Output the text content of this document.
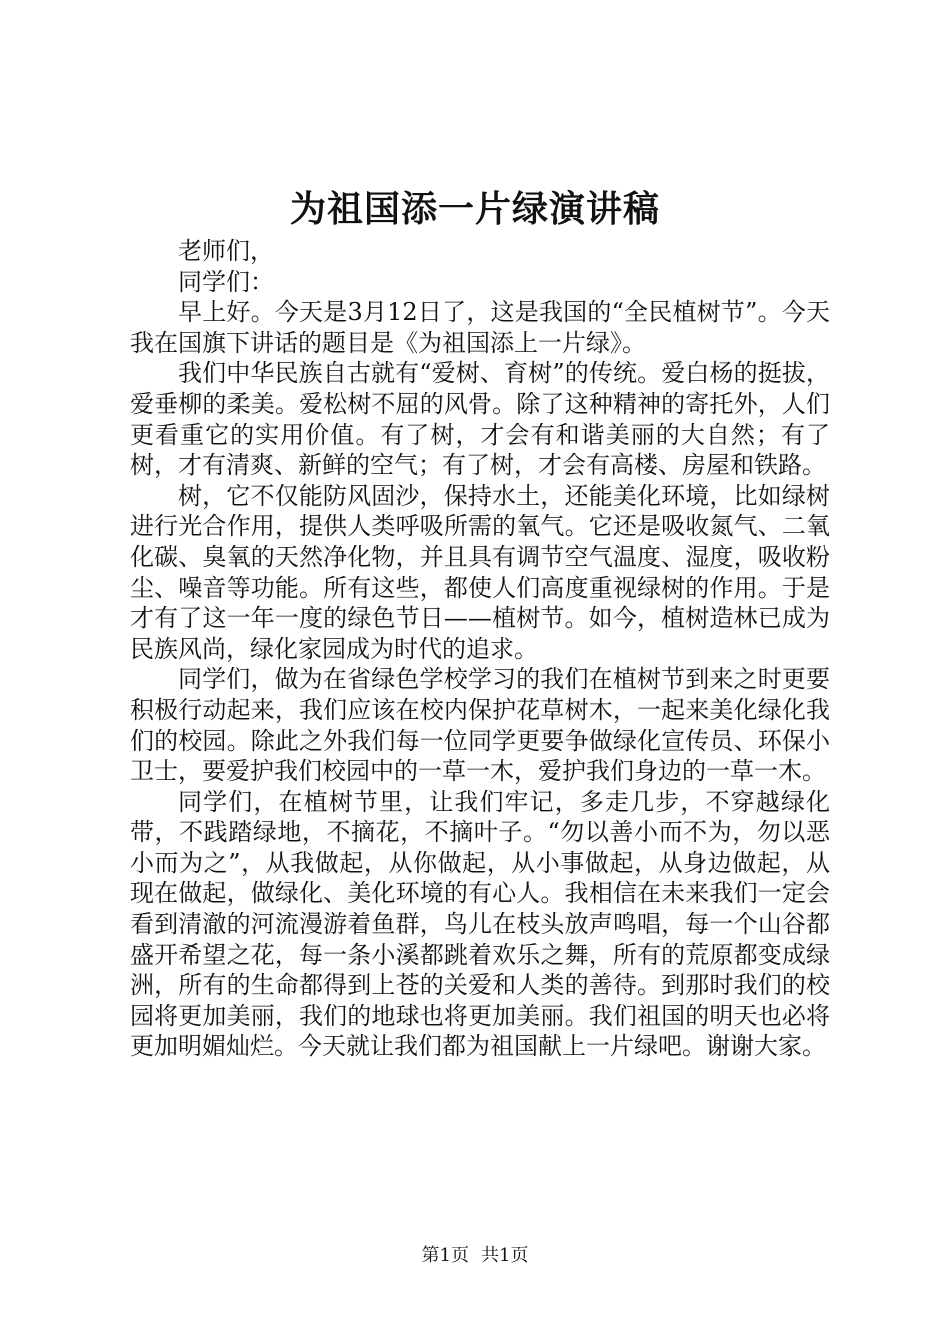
为祖国添一片绿演讲稿

老师们，

同学们：

早上好。今天是3月12日了，这是我国的“全民植树节”。今天我在国旗下讲话的题目是《为祖国添上一片绿》。

我们中华民族自古就有“爱树、育树”的传统。爱白杨的挺拔，爱垂柳的柔美。爱松树不屈的风骨。除了这种精神的寄托外，人们更看重它的实用价值。有了树，才会有和谐美丽的大自然；有了树，才有清爽、新鲜的空气；有了树，才会有高楼、房屋和铁路。

树，它不仅能防风固沙，保持水土，还能美化环境，比如绿树进行光合作用，提供人类呼吸所需的氧气。它还是吸收氮气、二氧化碳、臭氧的天然净化物，并且具有调节空气温度、湿度，吸收粉尘、噪音等功能。所有这些，都使人们高度重视绿树的作用。于是才有了这一年一度的绿色节日——植树节。如今，植树造林已成为民族风尚，绿化家园成为时代的追求。

同学们，做为在省绿色学校学习的我们在植树节到来之时更要积极行动起来，我们应该在校内保护花草树木，一起来美化绿化我们的校园。除此之外我们每一位同学更要争做绿化宣传员、环保小卫士，要爱护我们校园中的一草一木，爱护我们身边的一草一木。

同学们，在植树节里，让我们牢记，多走几步，不穿越绿化带，不践踏绿地，不摘花，不摘叶子。“勿以善小而不为，勿以恶小而为之”，从我做起，从你做起，从小事做起，从身边做起，从现在做起，做绿化、美化环境的有心人。我相信在未来我们一定会看到清澈的河流漫游着鱼群，鸟儿在枝头放声鸣唱，每一个山谷都盛开希望之花，每一条小溪都跳着欢乐之舞，所有的荒原都变成绿洲，所有的生命都得到上苍的关爱和人类的善待。到那时我们的校园将更加美丽，我们的地球也将更加美丽。我们祖国的明天也必将更加明媚灿烂。今天就让我们都为祖国献上一片绿吧。谢谢大家。

第1页 共1页
